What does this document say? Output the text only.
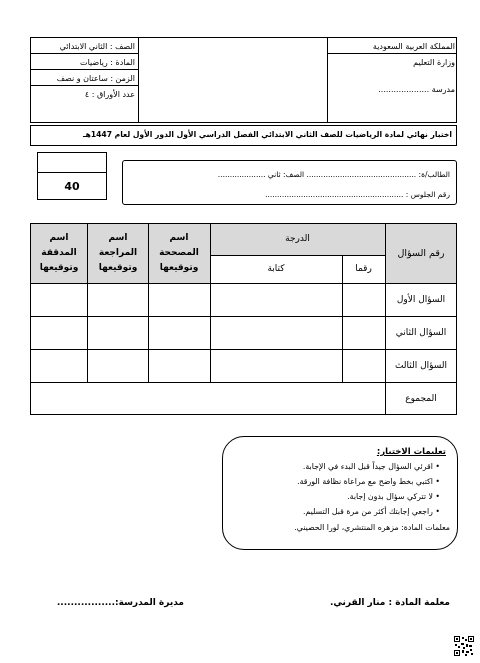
المملكة العربية السعودية
وزارة التعليم
مدرسة ....................
الصف : الثاني الابتدائي
المادة : رياضيات
الزمن : ساعتان و نصف
عدد الأوراق : ٤
اختبار نهائي لمادة الرياضيات للصف الثاني الابتدائي الفصل الدراسي الأول الدور الأول لعام 1447هـ
40
الطالب/ة: .............................................. الصف: ثاني ....................
رقم الجلوس : ..........................................................
رقم السؤال
الدرجة
رقما
كتابة
اسم المصححة وتوقيعها
اسم المراجعة وتوقيعها
اسم المدققة وتوقيعها
السؤال الأول
السؤال الثاني
السؤال الثالث
المجموع
تعليمات الاختبار:
• اقرئي السؤال جيداً قبل البدء في الإجابة.
• اكتبي بخط واضح مع مراعاة نظافة الورقة.
• لا تتركي سؤال بدون إجابة.
• راجعي إجابتك أكثر من مرة قبل التسليم.
معلمات المادة: مزهره المنتشري، لورا الحصيني.
معلمة المادة : منار القرني.
مديرة المدرسة:.................
